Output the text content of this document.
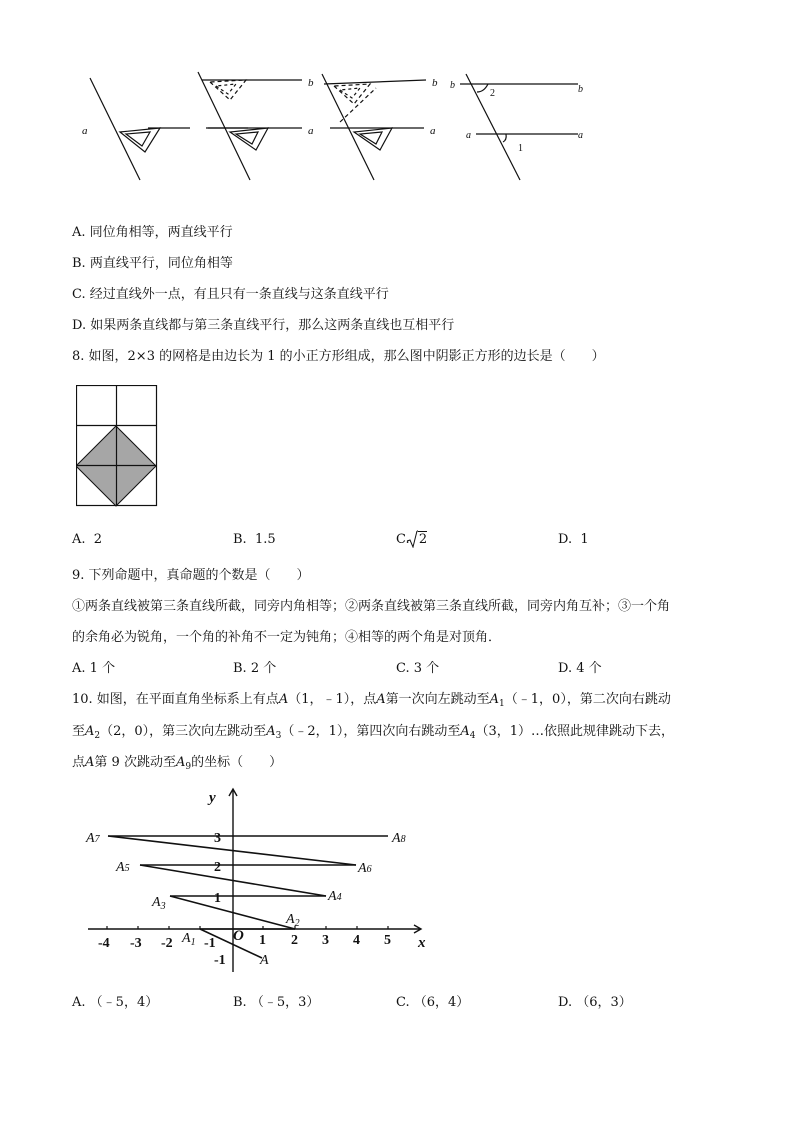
a
b
a
b
a
b	b
a	a
2
1
A. 同位角相等，两直线平行
B. 两直线平行，同位角相等
C. 经过直线外一点，有且只有一条直线与这条直线平行
D. 如果两条直线都与第三条直线平行，那么这两条直线也互相平行
8. 如图，2×3 的网格是由边长为 1 的小正方形组成，那么图中阴影正方形的边长是（　　）
A. 2	B. 1.5	C. 2	D. 1
9. 下列命题中，真命题的个数是（　　）
①两条直线被第三条直线所截，同旁内角相等；②两条直线被第三条直线所截，同旁内角互补；③一个角
的余角必为锐角，一个角的补角不一定为钝角；④相等的两个角是对顶角．
A. 1 个	B. 2 个	C. 3 个	D. 4 个
10. 如图，在平面直角坐标系上有点A（1，﹣1），点A第一次向左跳动至$A_1(﹣1$，0），第二次向右跳动
至$A_2(2$，0），第三次向左跳动至$A_3(﹣2$，1），第四次向右跳动至$A_4(3$，1）…依照此规律跳动下去，
点A第 9 次跳动至$A_9$的坐标（　　）
-4 -3 -2 -1	1 2 3 4 5
3
2
1
-1
y
x
O
A
$A_1$
$A_2$
$A_3$
A4
A5	A6
A7	A8
A. （﹣5，4）	B. （﹣5，3）	C. （6，4）	D. （6，3）
